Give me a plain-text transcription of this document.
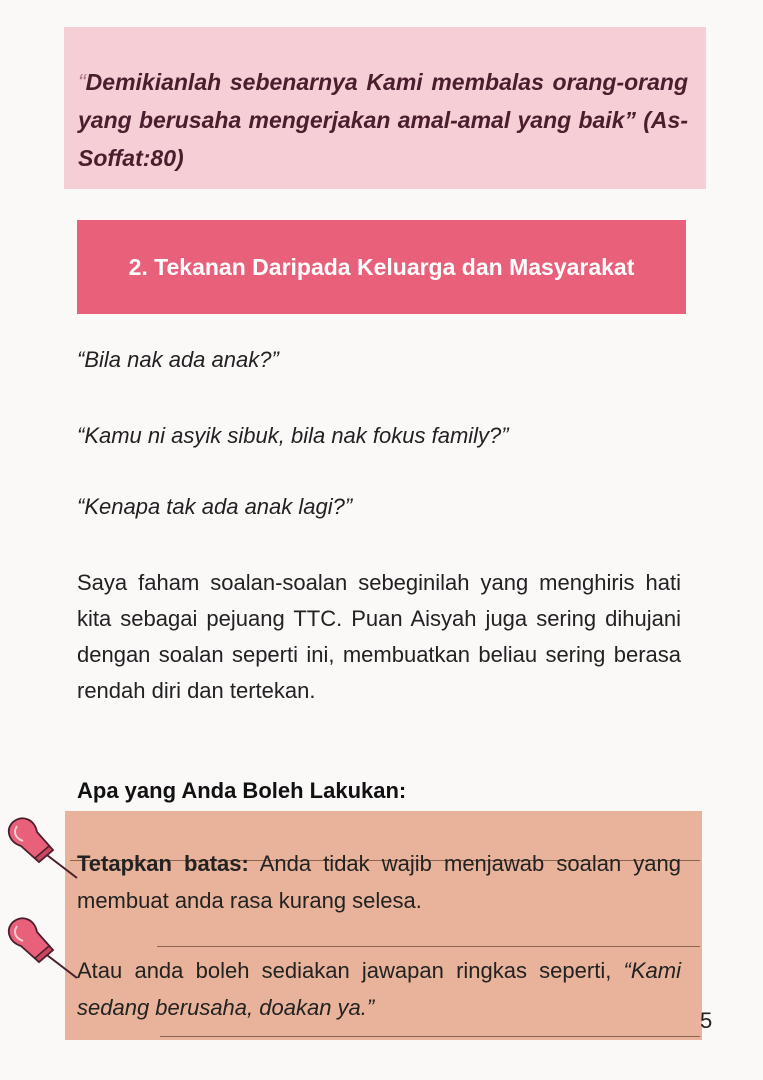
“Demikianlah sebenarnya Kami membalas orang-orang yang berusaha mengerjakan amal-amal yang baik” (As-Soffat:80)

2. Tekanan Daripada Keluarga dan Masyarakat

“Bila nak ada anak?”

“Kamu ni asyik sibuk, bila nak fokus family?”

“Kenapa tak ada anak lagi?”

Saya faham soalan-soalan sebeginilah yang menghiris hati kita sebagai pejuang TTC. Puan Aisyah juga sering dihujani dengan soalan seperti ini, membuatkan beliau sering berasa rendah diri dan tertekan.

Apa yang Anda Boleh Lakukan:

Tetapkan batas: Anda tidak wajib menjawab soalan yang membuat anda rasa kurang selesa.

Atau anda boleh sediakan jawapan ringkas seperti, “Kami sedang berusaha, doakan ya.”

5
